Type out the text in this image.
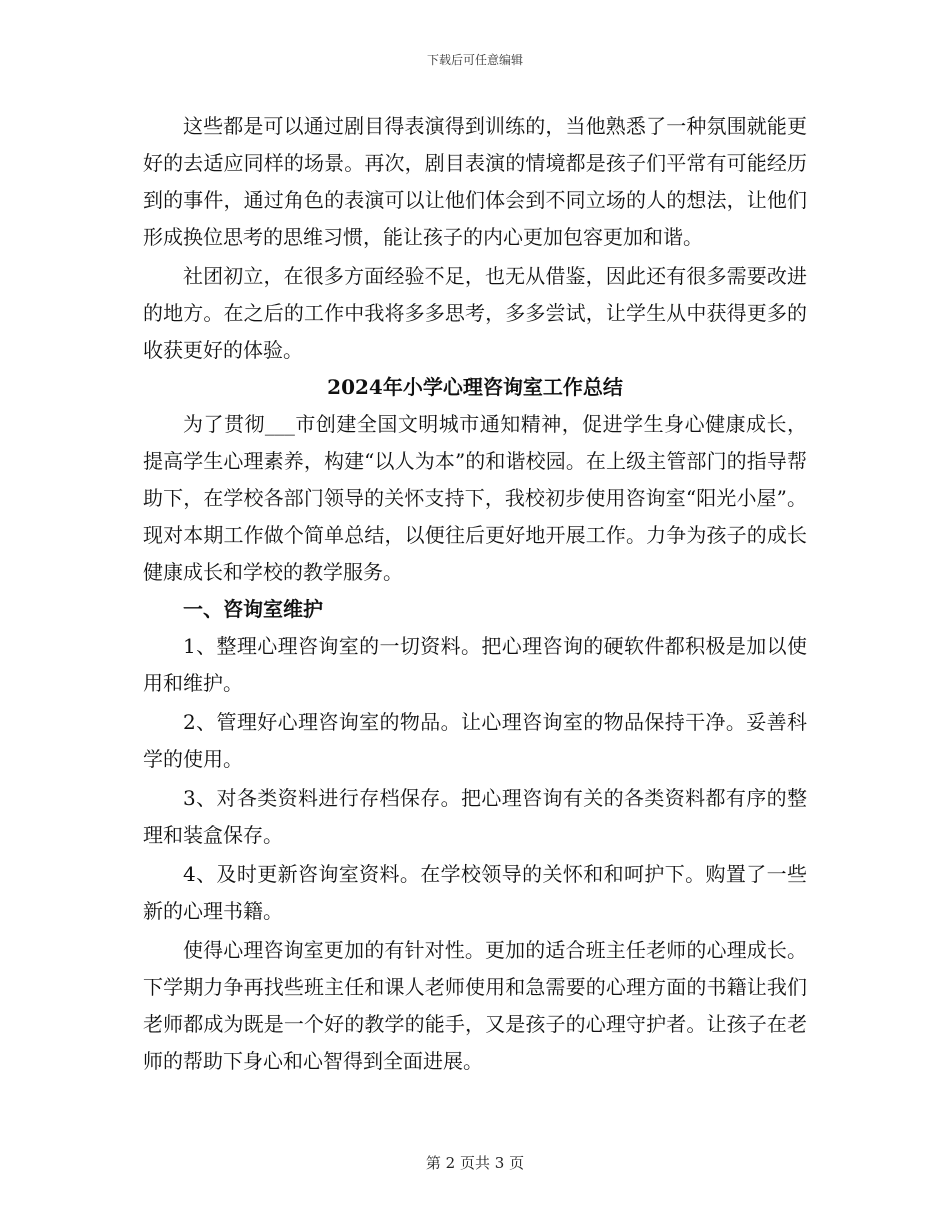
下载后可任意编辑

这些都是可以通过剧目得表演得到训练的，当他熟悉了一种氛围就能更好的去适应同样的场景。再次，剧目表演的情境都是孩子们平常有可能经历到的事件，通过角色的表演可以让他们体会到不同立场的人的想法，让他们形成换位思考的思维习惯，能让孩子的内心更加包容更加和谐。

社团初立，在很多方面经验不足，也无从借鉴，因此还有很多需要改进的地方。在之后的工作中我将多多思考，多多尝试，让学生从中获得更多的收获更好的体验。

2024年小学心理咨询室工作总结

为了贯彻___市创建全国文明城市通知精神，促进学生身心健康成长，提高学生心理素养，构建“以人为本”的和谐校园。在上级主管部门的指导帮助下，在学校各部门领导的关怀支持下，我校初步使用咨询室“阳光小屋”。现对本期工作做个简单总结，以便往后更好地开展工作。力争为孩子的成长健康成长和学校的教学服务。

一、咨询室维护

1、整理心理咨询室的一切资料。把心理咨询的硬软件都积极是加以使用和维护。

2、管理好心理咨询室的物品。让心理咨询室的物品保持干净。妥善科学的使用。

3、对各类资料进行存档保存。把心理咨询有关的各类资料都有序的整理和装盒保存。

4、及时更新咨询室资料。在学校领导的关怀和和呵护下。购置了一些新的心理书籍。

使得心理咨询室更加的有针对性。更加的适合班主任老师的心理成长。下学期力争再找些班主任和课人老师使用和急需要的心理方面的书籍让我们老师都成为既是一个好的教学的能手，又是孩子的心理守护者。让孩子在老师的帮助下身心和心智得到全面进展。

第 2 页共 3 页
